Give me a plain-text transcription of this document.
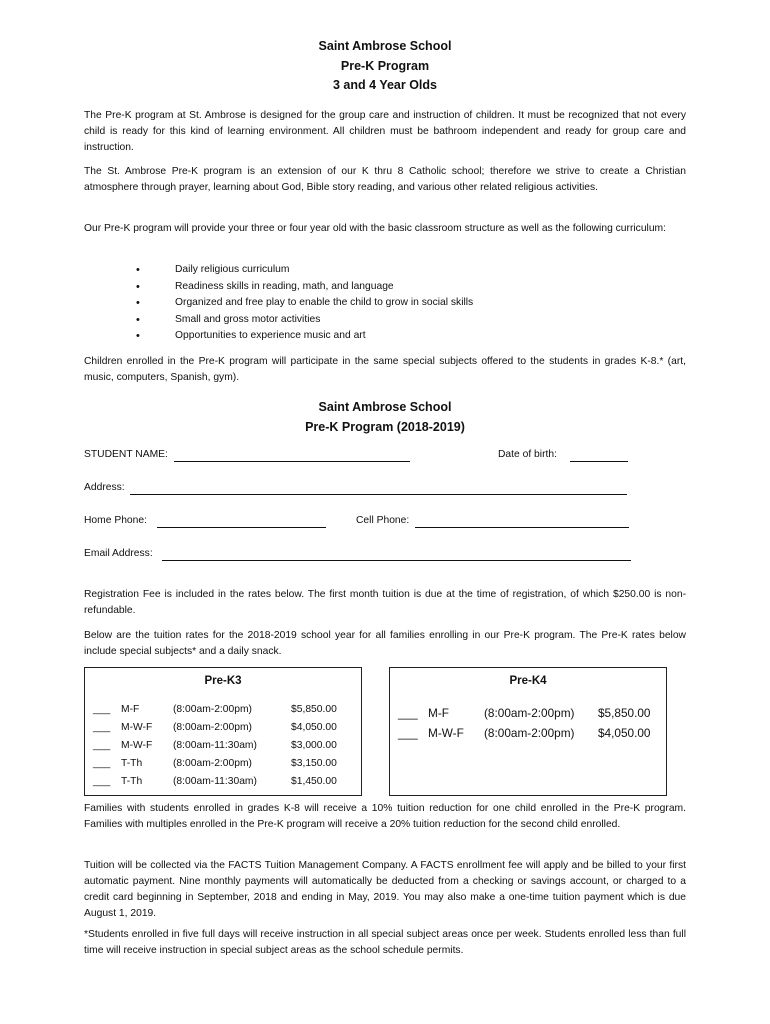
Saint Ambrose School

Pre-K Program

3 and 4 Year Olds

The Pre-K program at St. Ambrose is designed for the group care and instruction of children. It must be recognized that not every child is ready for this kind of learning environment. All children must be bathroom independent and ready for group care and instruction.

The St. Ambrose Pre-K program is an extension of our K thru 8 Catholic school; therefore we strive to create a Christian atmosphere through prayer, learning about God, Bible story reading, and various other related religious activities.

Our Pre-K program will provide your three or four year old with the basic classroom structure as well as the following curriculum:

• Daily religious curriculum
• Readiness skills in reading, math, and language
• Organized and free play to enable the child to grow in social skills
• Small and gross motor activities
• Opportunities to experience music and art

Children enrolled in the Pre-K program will participate in the same special subjects offered to the students in grades K-8.* (art, music, computers, Spanish, gym).

Saint Ambrose School

Pre-K Program (2018-2019)

STUDENT NAME:	Date of birth:
Address:
Home Phone:	Cell Phone:
Email Address:

Registration Fee is included in the rates below. The first month tuition is due at the time of registration, of which $250.00 is non-refundable.

Below are the tuition rates for the 2018-2019 school year for all families enrolling in our Pre-K program. The Pre-K rates below include special subjects* and a daily snack.

Pre-K3
___ M-F	(8:00am-2:00pm)	$5,850.00
___ M-W-F (8:00am-2:00pm)	$4,050.00
___ M-W-F (8:00am-11:30am)	$3,000.00
___ T-Th	(8:00am-2:00pm)	$3,150.00
___ T-Th	(8:00am-11:30am)	$1,450.00
Pre-K4
___ M-F	(8:00am-2:00pm) $5,850.00
___ M-W-F (8:00am-2:00pm) $4,050.00

Families with students enrolled in grades K-8 will receive a 10% tuition reduction for one child enrolled in the Pre-K program. Families with multiples enrolled in the Pre-K program will receive a 20% tuition reduction for the second child enrolled.

Tuition will be collected via the FACTS Tuition Management Company. A FACTS enrollment fee will apply and be billed to your first automatic payment. Nine monthly payments will automatically be deducted from a checking or savings account, or charged to a credit card beginning in September, 2018 and ending in May, 2019. You may also make a one-time tuition payment which is due August 1, 2019.

*Students enrolled in five full days will receive instruction in all special subject areas once per week. Students enrolled less than full time will receive instruction in special subject areas as the school schedule permits.
